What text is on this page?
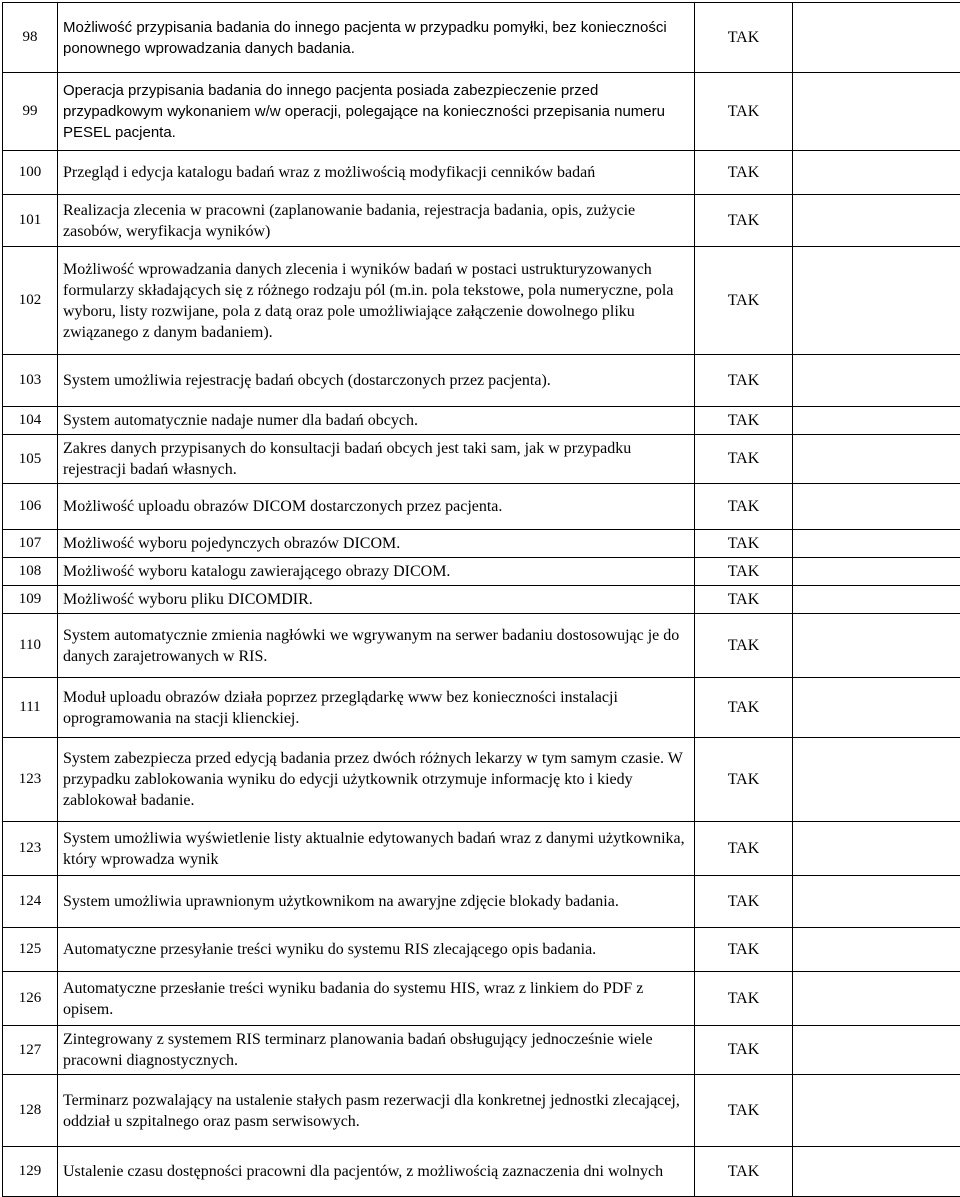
98	Możliwość przypisania badania do innego pacjenta w przypadku pomyłki, bez konieczności ponownego wprowadzania danych badania.	TAK	
99	Operacja przypisania badania do innego pacjenta posiada zabezpieczenie przed przypadkowym wykonaniem w/w operacji, polegające na konieczności przepisania numeru PESEL pacjenta.	TAK	
100	Przegląd i edycja katalogu badań wraz z możliwością modyfikacji cenników badań	TAK	
101	Realizacja zlecenia w pracowni (zaplanowanie badania, rejestracja badania, opis, zużycie zasobów, weryfikacja wyników)	TAK	
102	Możliwość wprowadzania danych zlecenia i wyników badań w postaci ustrukturyzowanych formularzy składających się z różnego rodzaju pól (m.in. pola tekstowe, pola numeryczne, pola wyboru, listy rozwijane, pola z datą oraz pole umożliwiające załączenie dowolnego pliku związanego z danym badaniem).	TAK	
103	System umożliwia rejestrację badań obcych (dostarczonych przez pacjenta).	TAK	
104	System automatycznie nadaje numer dla badań obcych.	TAK	
105	Zakres danych przypisanych do konsultacji badań obcych jest taki sam, jak w przypadku rejestracji badań własnych.	TAK	
106	Możliwość uploadu obrazów DICOM dostarczonych przez pacjenta.	TAK	
107	Możliwość wyboru pojedynczych obrazów DICOM.	TAK	
108	Możliwość wyboru katalogu zawierającego obrazy DICOM.	TAK	
109	Możliwość wyboru pliku DICOMDIR.	TAK	
110	System automatycznie zmienia nagłówki we wgrywanym na serwer badaniu dostosowując je do danych zarajetrowanych w RIS.	TAK	
111	Moduł uploadu obrazów działa poprzez przeglądarkę www bez konieczności instalacji oprogramowania na stacji klienckiej.	TAK	
123	System zabezpiecza przed edycją badania przez dwóch różnych lekarzy w tym samym czasie. W przypadku zablokowania wyniku do edycji użytkownik otrzymuje informację kto i kiedy zablokował badanie.	TAK	
123	System umożliwia wyświetlenie listy aktualnie edytowanych badań wraz z danymi użytkownika, który wprowadza wynik	TAK	
124	System umożliwia uprawnionym użytkownikom na awaryjne zdjęcie blokady badania.	TAK	
125	Automatyczne przesyłanie treści wyniku do systemu RIS zlecającego opis badania.	TAK	
126	Automatyczne przesłanie treści wyniku badania do systemu HIS, wraz z linkiem do PDF z opisem.	TAK	
127	Zintegrowany z systemem RIS terminarz planowania badań obsługujący jednocześnie wiele pracowni diagnostycznych.	TAK	
128	Terminarz pozwalający na ustalenie stałych pasm rezerwacji dla konkretnej jednostki zlecającej, oddział u szpitalnego oraz pasm serwisowych.	TAK	
129	Ustalenie czasu dostępności pracowni dla pacjentów, z możliwością zaznaczenia dni wolnych	TAK	
